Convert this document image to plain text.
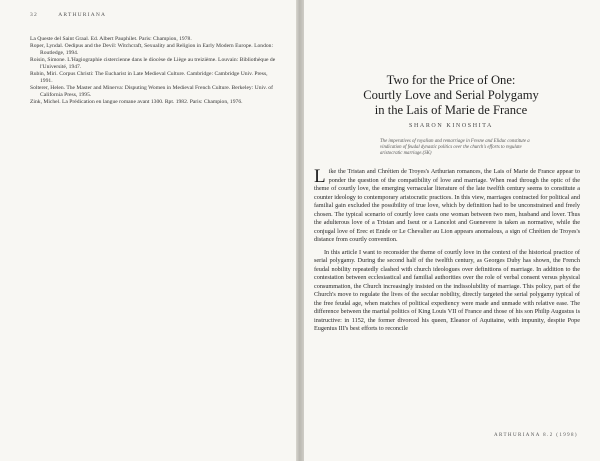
32	ARTHURIANA

La Queste del Saint Graal. Ed. Albert Pauphilet. Paris: Champion, 1978.

Roper, Lyndal. Oedipus and the Devil: Witchcraft, Sexuality and Religion in Early Modern Europe. London: Routledge, 1994.

Roisin, Simone. L'Hagiographie cistercienne dans le diocèse de Liège au treizième. Louvain: Bibliothèque de l'Université, 1947.

Rubin, Miri. Corpus Christi: The Eucharist in Late Medieval Culture. Cambridge: Cambridge Univ. Press, 1991.

Solterer, Helen. The Master and Minerva: Disputing Women in Medieval French Culture. Berkeley: Univ. of California Press, 1995.

Zink, Michel. La Prédication en langue romane avant 1300. Rpt. 1982. Paris: Champion, 1976.

Two for the Price of One:
Courtly Love and Serial Polygamy
in the Lais of Marie de France
SHARON KINOSHITA
The imperatives of royalism and remarriage in Fresne and Eliduc constitute a vindication of feudal dynastic politics over the church's efforts to regulate aristocratic marriage.(SK)

L ike the Tristan and Chrétien de Troyes's Arthurian romances, the Lais of Marie de France appear to ponder the question of the compatibility of love and marriage. When read through the optic of the theme of courtly love, the emerging vernacular literature of the late twelfth century seems to constitute a counter ideology to contemporary aristocratic practices. In this view, marriages contracted for political and familial gain excluded the possibility of true love, which by definition had to be unconstrained and freely chosen. The typical scenario of courtly love casts one woman between two men, husband and lover. Thus the adulterous love of a Tristan and Iseut or a Lancelot and Guenevere is taken as normative, while the conjugal love of Erec et Enide or Le Chevalier au Lion appears anomalous, a sign of Chrétien de Troyes's distance from courtly convention.

In this article I want to reconsider the theme of courtly love in the context of the historical practice of serial polygamy. During the second half of the twelfth century, as Georges Duby has shown, the French feudal nobility repeatedly clashed with church ideologues over definitions of marriage. In addition to the contestation between ecclesiastical and familial authorities over the role of verbal consent versus physical consummation, the Church increasingly insisted on the indissolubility of marriage. This policy, part of the Church's move to regulate the lives of the secular nobility, directly targeted the serial polygamy typical of the free feudal age, when matches of political expediency were made and unmade with relative ease. The difference between the marital politics of King Louis VII of France and those of his son Philip Augustus is instructive: in 1152, the former divorced his queen, Eleanor of Aquitaine, with impunity, despite Pope Eugenius III's best efforts to reconcile

ARTHURIANA 8.2 (1998)
